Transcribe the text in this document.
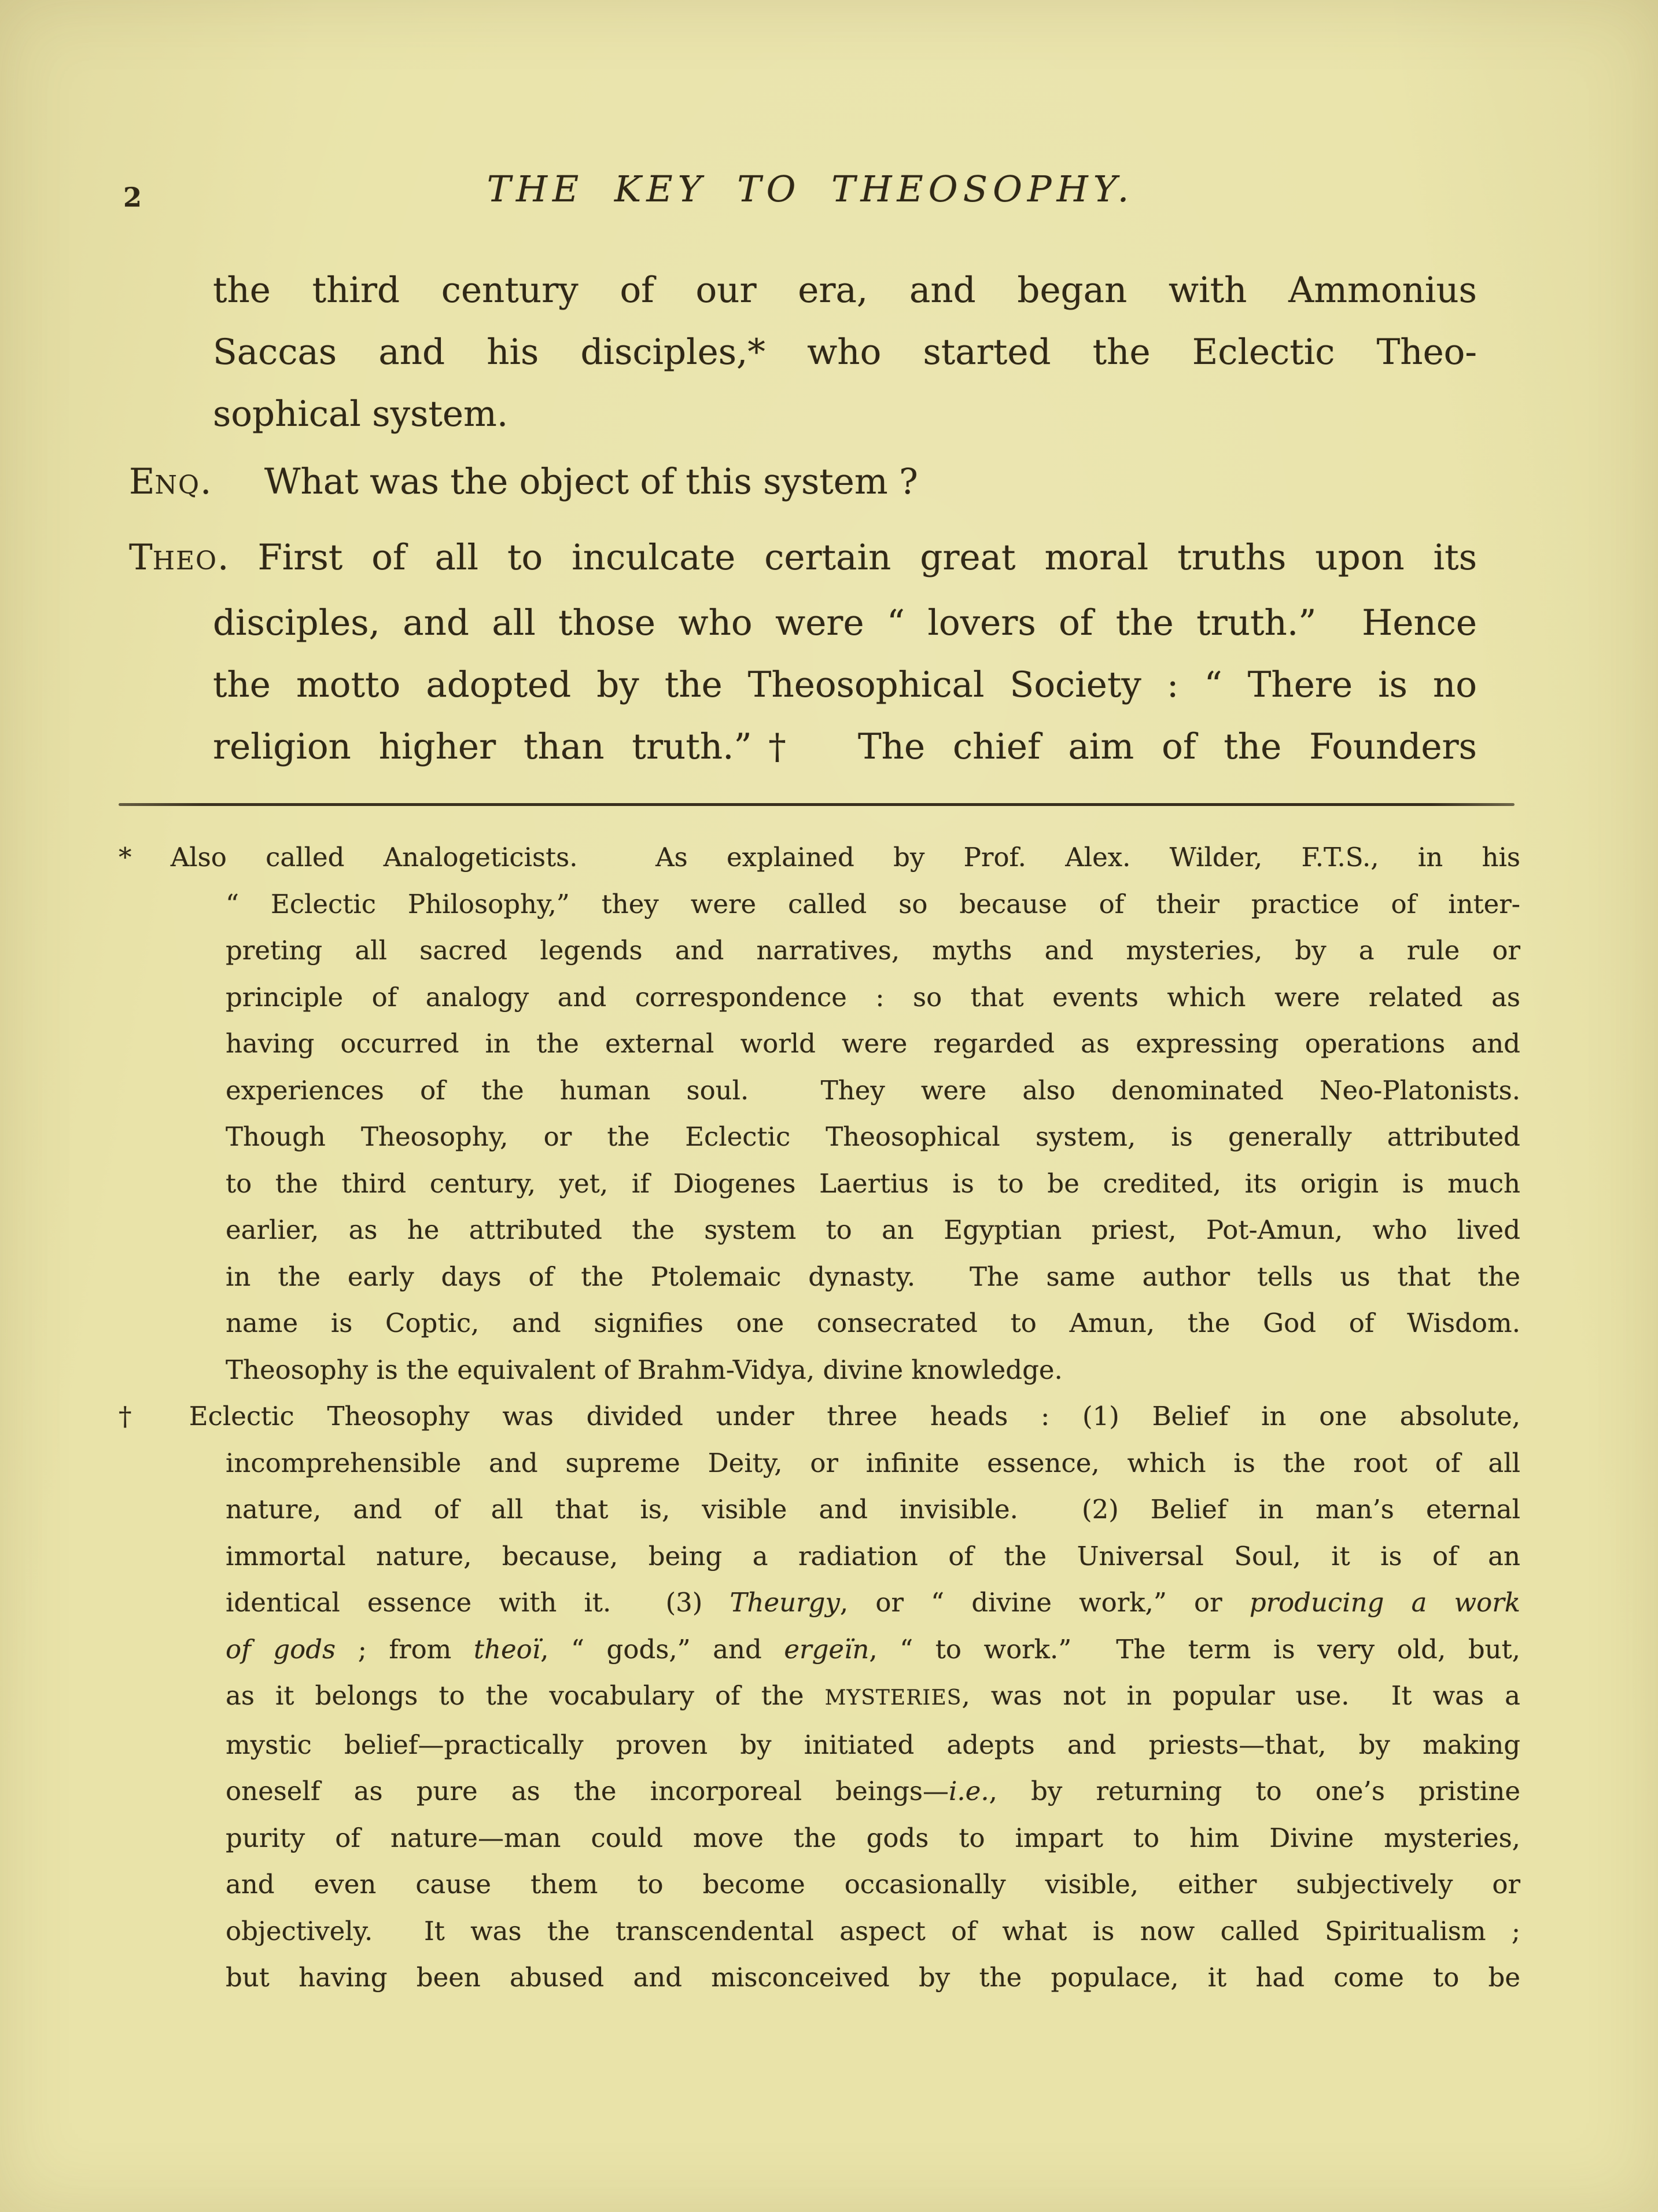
2	THE KEY TO THEOSOPHY.
the third century of our era, and began with Ammonius
Saccas and his disciples,* who started the Eclectic Theo-
sophical system.
ENQ.  What was the object of this system ?
THEO. First of all to inculcate certain great moral truths upon its
disciples, and all those who were “ lovers of the truth.”  Hence
the motto adopted by the Theosophical Society : “ There is no
religion higher than truth.”†  The chief aim of the Founders
* Also called Analogeticists.  As explained by Prof. Alex. Wilder, F.T.S., in his
“ Eclectic Philosophy,” they were called so because of their practice of inter-
preting all sacred legends and narratives, myths and mysteries, by a rule or
principle of analogy and correspondence : so that events which were related as
having occurred in the external world were regarded as expressing operations and
experiences of the human soul.  They were also denominated Neo-Platonists.
Though Theosophy, or the Eclectic Theosophical system, is generally attributed
to the third century, yet, if Diogenes Laertius is to be credited, its origin is much
earlier, as he attributed the system to an Egyptian priest, Pot-Amun, who lived
in the early days of the Ptolemaic dynasty.  The same author tells us that the
name is Coptic, and signifies one consecrated to Amun, the God of Wisdom.
Theosophy is the equivalent of Brahm-Vidya, divine knowledge.
† Eclectic Theosophy was divided under three heads : (1) Belief in one absolute,
incomprehensible and supreme Deity, or infinite essence, which is the root of all
nature, and of all that is, visible and invisible.  (2) Belief in man’s eternal
immortal nature, because, being a radiation of the Universal Soul, it is of an
identical essence with it.  (3) Theurgy, or “ divine work,” or producing a work
of gods ; from theoï, “ gods,” and ergeïn, “ to work.”  The term is very old, but,
as it belongs to the vocabulary of the MYSTERIES, was not in popular use.  It was a
mystic belief—practically proven by initiated adepts and priests—that, by making
oneself as pure as the incorporeal beings—i.e., by returning to one’s pristine
purity of nature—man could move the gods to impart to him Divine mysteries,
and even cause them to become occasionally visible, either subjectively or
objectively.  It was the transcendental aspect of what is now called Spiritualism ;
but having been abused and misconceived by the populace, it had come to be
